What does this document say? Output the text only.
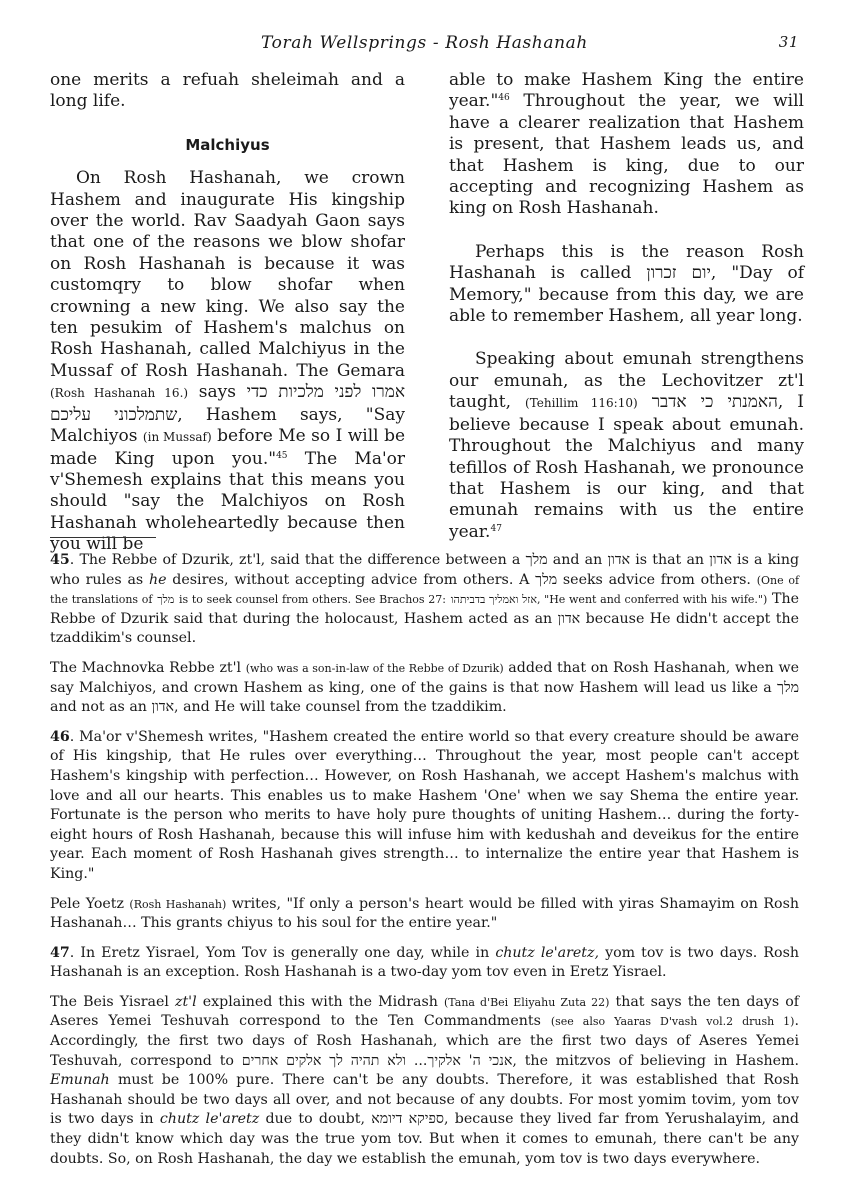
Torah Wellsprings - Rosh Hashanah	31

one merits a refuah sheleimah and a long life.

Malchiyus

On Rosh Hashanah, we crown Hashem and inaugurate His kingship over the world. Rav Saadyah Gaon says that one of the reasons we blow shofar on Rosh Hashanah is because it was customqry to blow shofar when crowning a new king. We also say the ten pesukim of Hashem's malchus on Rosh Hashanah, called Malchiyus in the Mussaf of Rosh Hashanah. The Gemara (Rosh Hashanah 16.) says אמרו לפני מלכיות כדי שתמלכוני עליכם, Hashem says, "Say Malchiyos (in Mussaf) before Me so I will be made King upon you."$^{45}$ The Ma'or v'Shemesh explains that this means you should "say the Malchiyos on Rosh Hashanah wholeheartedly because then you will be

able to make Hashem King the entire year."$^{46}$ Throughout the year, we will have a clearer realization that Hashem is present, that Hashem leads us, and that Hashem is king, due to our accepting and recognizing Hashem as king on Rosh Hashanah.

Perhaps this is the reason Rosh Hashanah is called יום זכרון, "Day of Memory," because from this day, we are able to remember Hashem, all year long.

Speaking about emunah strengthens our emunah, as the Lechovitzer zt'l taught, (Tehillim 116:10) האמנתי כי אדבר, I believe because I speak about emunah. Throughout the Malchiyus and many tefillos of Rosh Hashanah, we pronounce that Hashem is our king, and that emunah remains with us the entire year.$^{47}$

45. The Rebbe of Dzurik, zt'l, said that the difference between a מלך and an אדון is that an אדון is a king who rules as he desires, without accepting advice from others. A מלך seeks advice from others. (One of the translations of מלך is to seek counsel from others. See Brachos 27: אזל ואמליך בדביתהו, "He went and conferred with his wife.") The Rebbe of Dzurik said that during the holocaust, Hashem acted as an אדון because He didn't accept the tzaddikim's counsel.

The Machnovka Rebbe zt'l (who was a son-in-law of the Rebbe of Dzurik) added that on Rosh Hashanah, when we say Malchiyos, and crown Hashem as king, one of the gains is that now Hashem will lead us like a מלך and not as an אדון, and He will take counsel from the tzaddikim.

46. Ma'or v'Shemesh writes, "Hashem created the entire world so that every creature should be aware of His kingship, that He rules over everything… Throughout the year, most people can't accept Hashem's kingship with perfection… However, on Rosh Hashanah, we accept Hashem's malchus with love and all our hearts. This enables us to make Hashem 'One' when we say Shema the entire year. Fortunate is the person who merits to have holy pure thoughts of uniting Hashem… during the forty-eight hours of Rosh Hashanah, because this will infuse him with kedushah and deveikus for the entire year. Each moment of Rosh Hashanah gives strength… to internalize the entire year that Hashem is King."

Pele Yoetz (Rosh Hashanah) writes, "If only a person's heart would be filled with yiras Shamayim on Rosh Hashanah… This grants chiyus to his soul for the entire year."

47. In Eretz Yisrael, Yom Tov is generally one day, while in chutz le'aretz, yom tov is two days. Rosh Hashanah is an exception. Rosh Hashanah is a two-day yom tov even in Eretz Yisrael.

The Beis Yisrael zt'l explained this with the Midrash (Tana d'Bei Eliyahu Zuta 22) that says the ten days of Aseres Yemei Teshuvah correspond to the Ten Commandments (see also Yaaras D'vash vol.2 drush 1). Accordingly, the first two days of Rosh Hashanah, which are the first two days of Aseres Yemei Teshuvah, correspond to אנכי ה' אלקיך... ולא תהיה לך אלקים אחרים, the mitzvos of believing in Hashem. Emunah must be 100% pure. There can't be any doubts. Therefore, it was established that Rosh Hashanah should be two days all over, and not because of any doubts. For most yomim tovim, yom tov is two days in chutz le'aretz due to doubt, ספיקא דיומא, because they lived far from Yerushalayim, and they didn't know which day was the true yom tov. But when it comes to emunah, there can't be any doubts. So, on Rosh Hashanah, the day we establish the emunah, yom tov is two days everywhere.
